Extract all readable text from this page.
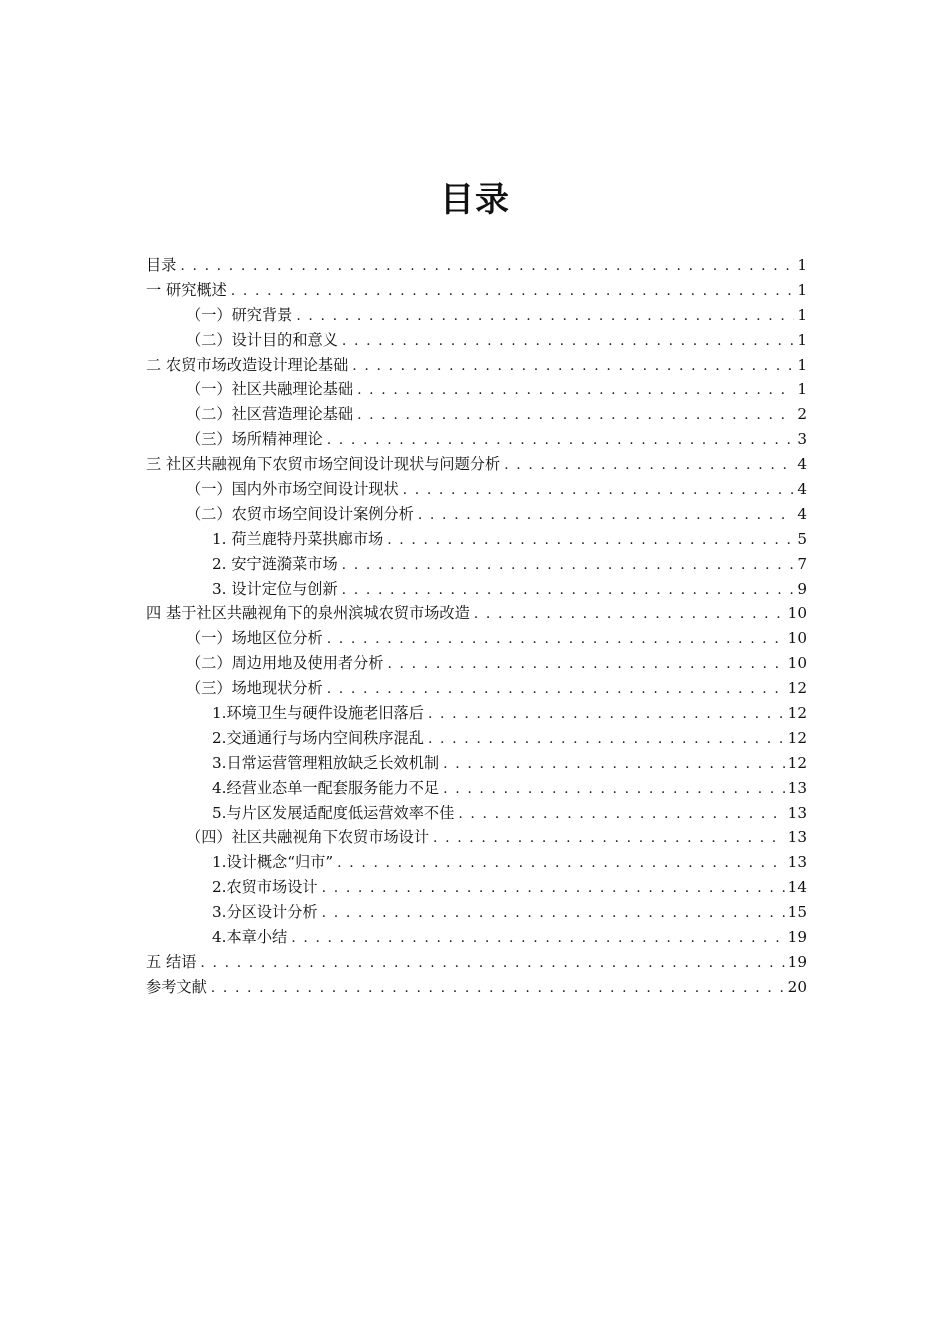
目录
目录 . . .	1
一 研究概述 . . .	1
（一）研究背景 . . .	1
（二）设计目的和意义 . . .	1
二 农贸市场改造设计理论基础 . . .	1
（一）社区共融理论基础 . . .	1
（二）社区营造理论基础 . . .	2
（三）场所精神理论 . . .	3
三 社区共融视角下农贸市场空间设计现状与问题分析 . . .	4
（一）国内外市场空间设计现状 . . .	4
（二）农贸市场空间设计案例分析 . . .	4
1. 荷兰鹿特丹菜拱廊市场 . . .	5
2. 安宁涟漪菜市场 . . .	7
3. 设计定位与创新 . . .	9
四 基于社区共融视角下的泉州滨城农贸市场改造 . . .	10
（一）场地区位分析 . . .	10
（二）周边用地及使用者分析 . . .	10
（三）场地现状分析 . . .	12
1.环境卫生与硬件设施老旧落后 . . .	12
2.交通通行与场内空间秩序混乱 . . .	12
3.日常运营管理粗放缺乏长效机制 . . .	12
4.经营业态单一配套服务能力不足 . . .	13
5.与片区发展适配度低运营效率不佳 . . .	13
（四）社区共融视角下农贸市场设计 . . .	13
1.设计概念“归市” . . .	13
2.农贸市场设计 . . .	14
3.分区设计分析 . . .	15
4.本章小结 . . .	19
五 结语 . . .	19
参考文献 . . .	20
